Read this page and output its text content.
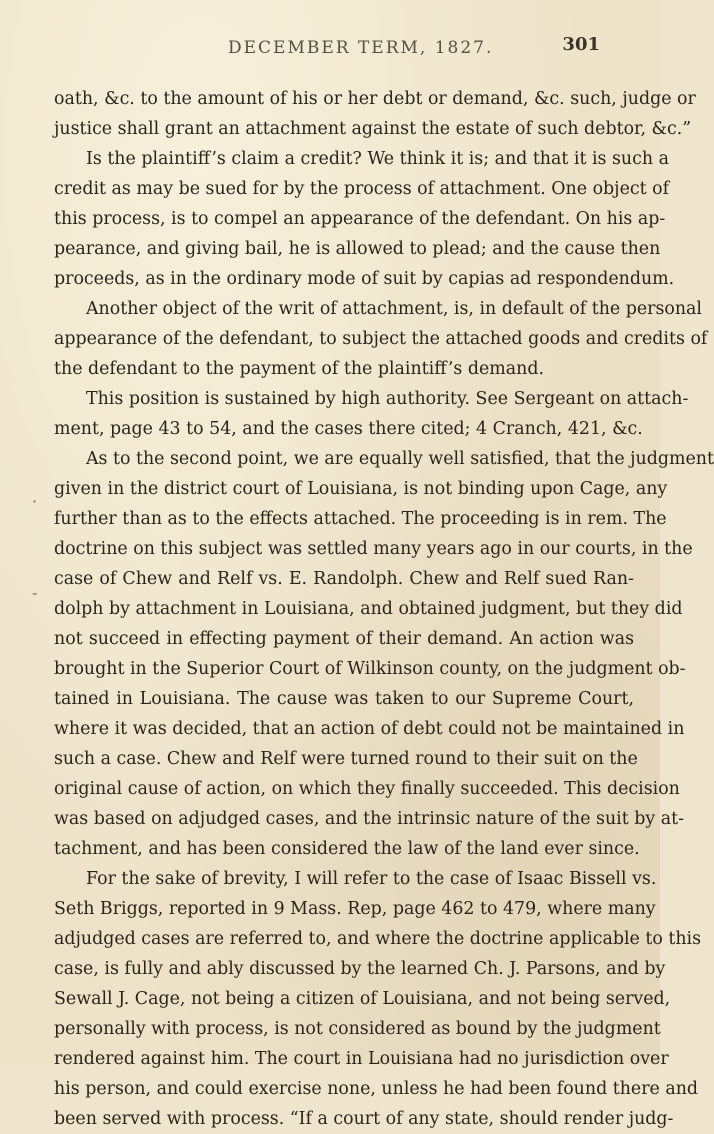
DECEMBER TERM, 1827.	301
·
-
oath, &c. to the amount of his or her debt or demand, &c. such, judge or
justice shall grant an attachment against the estate of such debtor, &c.”
Is the plaintiff’s claim a credit? We think it is; and that it is such a
credit as may be sued for by the process of attachment. One object of
this process, is to compel an appearance of the defendant. On his ap-
pearance, and giving bail, he is allowed to plead; and the cause then
proceeds, as in the ordinary mode of suit by capias ad respondendum.
Another object of the writ of attachment, is, in default of the personal
appearance of the defendant, to subject the attached goods and credits of
the defendant to the payment of the plaintiff’s demand.
This position is sustained by high authority. See Sergeant on attach-
ment, page 43 to 54, and the cases there cited; 4 Cranch, 421, &c.
As to the second point, we are equally well satisfied, that the judgment
given in the district court of Louisiana, is not binding upon Cage, any
further than as to the effects attached. The proceeding is in rem. The
doctrine on this subject was settled many years ago in our courts, in the
case of Chew and Relf vs. E. Randolph. Chew and Relf sued Ran-
dolph by attachment in Louisiana, and obtained judgment, but they did
not succeed in effecting payment of their demand. An action was
brought in the Superior Court of Wilkinson county, on the judgment ob-
tained in Louisiana. The cause was taken to our Supreme Court,
where it was decided, that an action of debt could not be maintained in
such a case. Chew and Relf were turned round to their suit on the
original cause of action, on which they finally succeeded. This decision
was based on adjudged cases, and the intrinsic nature of the suit by at-
tachment, and has been considered the law of the land ever since.
For the sake of brevity, I will refer to the case of Isaac Bissell vs.
Seth Briggs, reported in 9 Mass. Rep, page 462 to 479, where many
adjudged cases are referred to, and where the doctrine applicable to this
case, is fully and ably discussed by the learned Ch. J. Parsons, and by
Sewall J. Cage, not being a citizen of Louisiana, and not being served,
personally with process, is not considered as bound by the judgment
rendered against him. The court in Louisiana had no jurisdiction over
his person, and could exercise none, unless he had been found there and
been served with process. “If a court of any state, should render judg-
